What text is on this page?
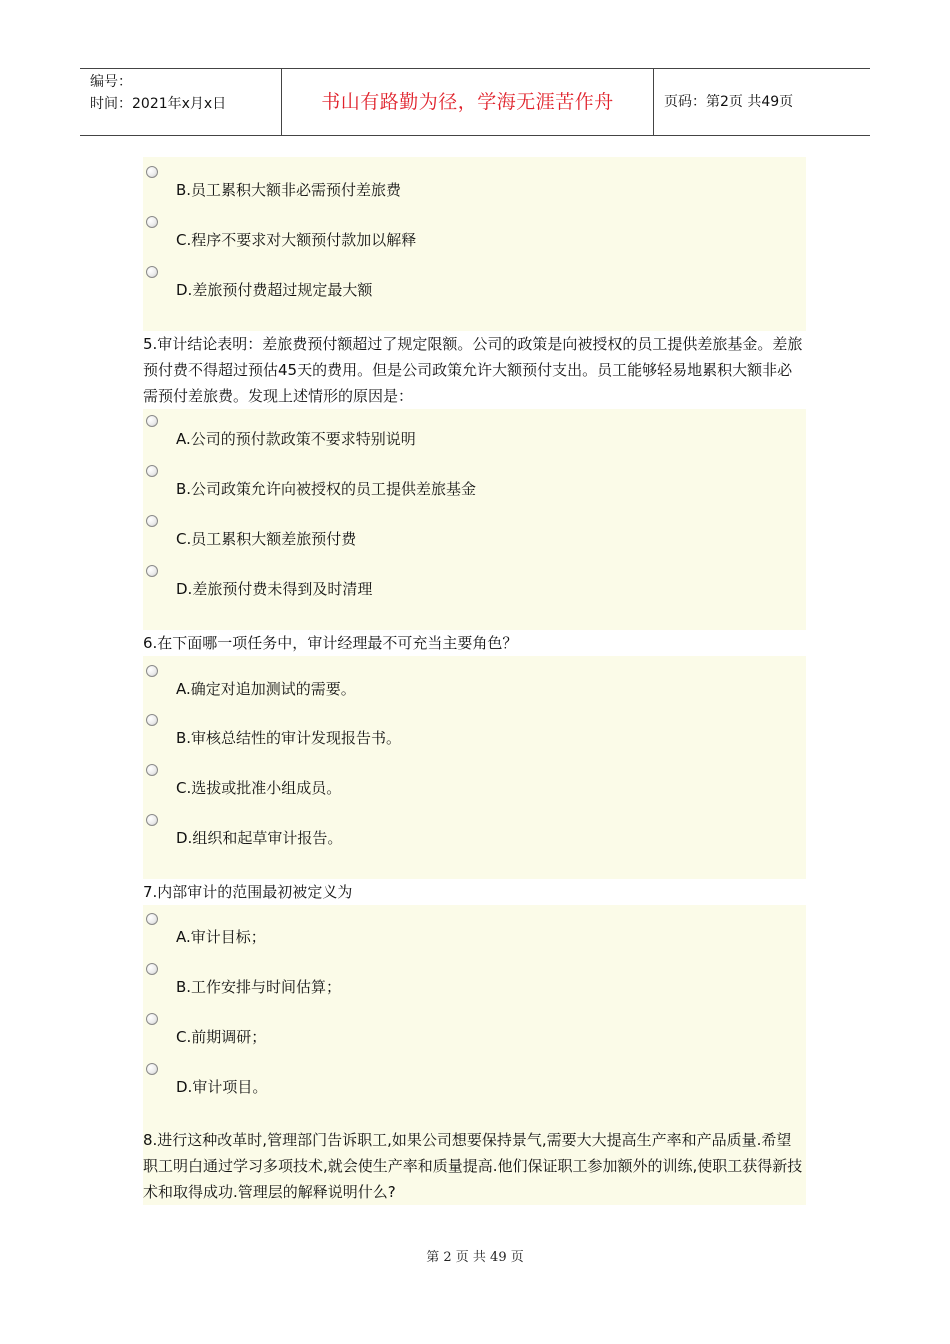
编号：
时间：2021年x月x日	书山有路勤为径，学海无涯苦作舟	页码：第2页 共49页
B.员工累积大额非必需预付差旅费
C.程序不要求对大额预付款加以解释
D.差旅预付费超过规定最大额

5.审计结论表明：差旅费预付额超过了规定限额。公司的政策是向被授权的员工提供差旅基金。差旅预付费不得超过预估45天的费用。但是公司政策允许大额预付支出。员工能够轻易地累积大额非必需预付差旅费。发现上述情形的原因是：

A.公司的预付款政策不要求特别说明
B.公司政策允许向被授权的员工提供差旅基金
C.员工累积大额差旅预付费
D.差旅预付费未得到及时清理

6.在下面哪一项任务中，审计经理最不可充当主要角色？

A.确定对追加测试的需要。
B.审核总结性的审计发现报告书。
C.选拔或批准小组成员。
D.组织和起草审计报告。

7.内部审计的范围最初被定义为

A.审计目标；
B.工作安排与时间估算；
C.前期调研；
D.审计项目。

8.进行这种改革时,管理部门告诉职工,如果公司想要保持景气,需要大大提高生产率和产品质量.希望职工明白通过学习多项技术,就会使生产率和质量提高.他们保证职工参加额外的训练,使职工获得新技术和取得成功.管理层的解释说明什么?

第 2 页 共 49 页
